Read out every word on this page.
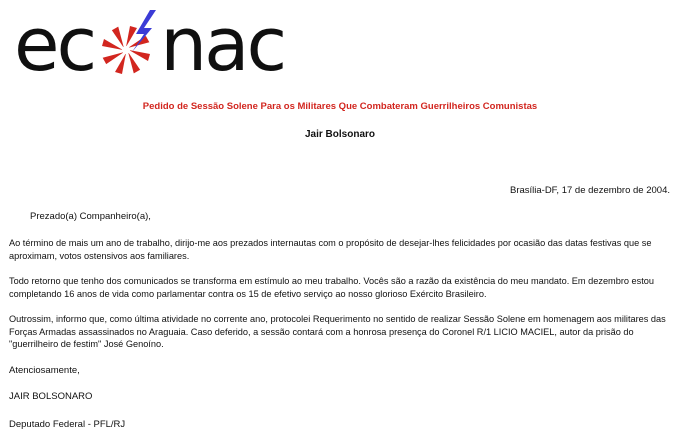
ec nac
Pedido de Sessão Solene Para os Militares Que Combateram Guerrilheiros Comunistas
Jair Bolsonaro
Brasília-DF, 17 de dezembro de 2004.
Prezado(a) Companheiro(a),
Ao término de mais um ano de trabalho, dirijo-me aos prezados internautas com o propósito de desejar-lhes felicidades por ocasião das datas festivas que se aproximam, votos ostensivos aos familiares.
Todo retorno que tenho dos comunicados se transforma em estímulo ao meu trabalho. Vocês são a razão da existência do meu mandato. Em dezembro estou completando 16 anos de vida como parlamentar contra os 15 de efetivo serviço ao nosso glorioso Exército Brasileiro.
Outrossim, informo que, como última atividade no corrente ano, protocolei Requerimento no sentido de realizar Sessão Solene em homenagem aos militares das Forças Armadas assassinados no Araguaia. Caso deferido, a sessão contará com a honrosa presença do Coronel R/1 LICIO MACIEL, autor da prisão do "guerrilheiro de festim" José Genoíno.
Atenciosamente,
JAIR BOLSONARO
Deputado Federal - PFL/RJ
